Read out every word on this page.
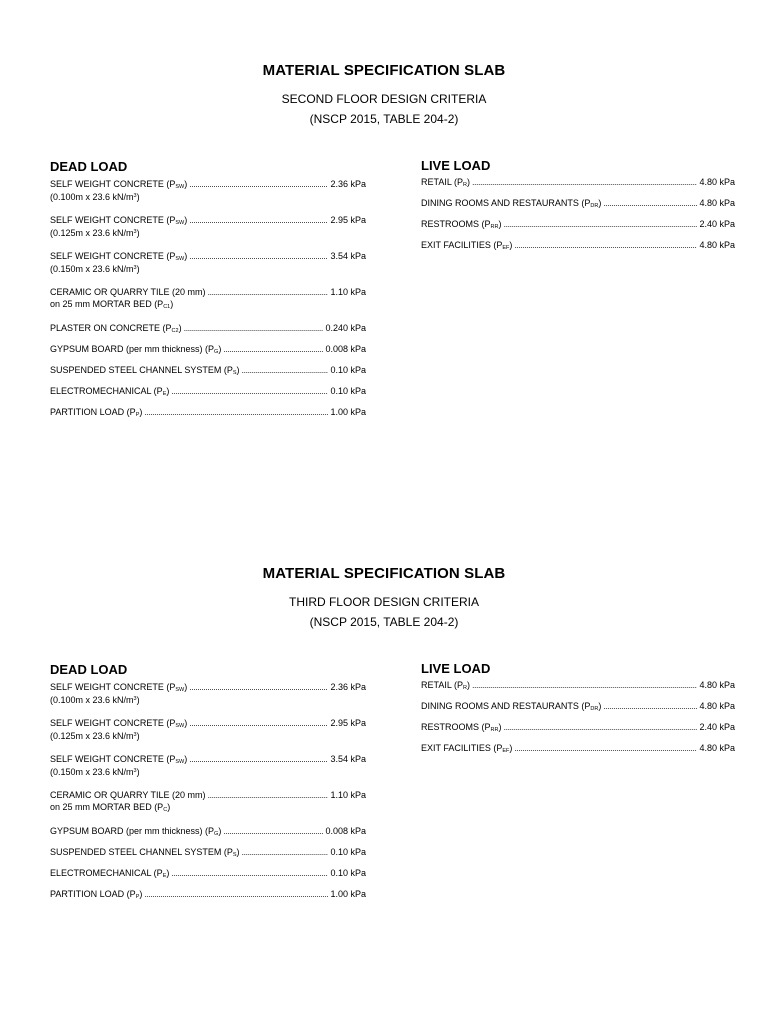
MATERIAL SPECIFICATION SLAB
SECOND FLOOR DESIGN CRITERIA
(NSCP 2015, TABLE 204-2)
DEAD LOAD	LIVE LOAD
SELF WEIGHT CONCRETE $(P_{SW})$ .....	2.36 kPa
(0.100m x 23.6 $kN/m^3$)
SELF WEIGHT CONCRETE $(P_{SW})$ .....	2.95 kPa
(0.125m x 23.6 $kN/m^3$)
SELF WEIGHT CONCRETE $(P_{SW})$ .....	3.54 kPa
(0.150m x 23.6 $kN/m^3$)
CERAMIC OR QUARRY TILE (20 mm) .....	1.10 kPa
on 25 mm MORTAR BED $(P_{C1})$
PLASTER ON CONCRETE $(P_{C2})$ .....	0.240 kPa
GYPSUM BOARD (per mm thickness) $(P_G)$ .....	0.008 kPa
SUSPENDED STEEL CHANNEL SYSTEM $(P_S)$ .....	0.10 kPa
ELECTROMECHANICAL $(P_E)$ .....	0.10 kPa
PARTITION LOAD $(P_P)$ .....	1.00 kPa
RETAIL $(P_R)$ .....	4.80 kPa
DINING ROOMS AND RESTAURANTS $(P_{DR})$ .....	4.80 kPa
RESTROOMS $(P_{RR})$ .....	2.40 kPa
EXIT FACILITIES $(P_{EF})$ .....	4.80 kPa
MATERIAL SPECIFICATION SLAB
THIRD FLOOR DESIGN CRITERIA
(NSCP 2015, TABLE 204-2)
DEAD LOAD	LIVE LOAD
SELF WEIGHT CONCRETE $(P_{SW})$ .....	2.36 kPa
(0.100m x 23.6 $kN/m^3$)
SELF WEIGHT CONCRETE $(P_{SW})$ .....	2.95 kPa
(0.125m x 23.6 $kN/m^3$)
SELF WEIGHT CONCRETE $(P_{SW})$ .....	3.54 kPa
(0.150m x 23.6 $kN/m^3$)
CERAMIC OR QUARRY TILE (20 mm) .....	1.10 kPa
on 25 mm MORTAR BED $(P_C)$
GYPSUM BOARD (per mm thickness) $(P_G)$ .....	0.008 kPa
SUSPENDED STEEL CHANNEL SYSTEM $(P_S)$ .....	0.10 kPa
ELECTROMECHANICAL $(P_E)$ .....	0.10 kPa
PARTITION LOAD $(P_P)$ .....	1.00 kPa
RETAIL $(P_R)$ .....	4.80 kPa
DINING ROOMS AND RESTAURANTS $(P_{DR})$ .....	4.80 kPa
RESTROOMS $(P_{RR})$ .....	2.40 kPa
EXIT FACILITIES $(P_{EF})$ .....	4.80 kPa
